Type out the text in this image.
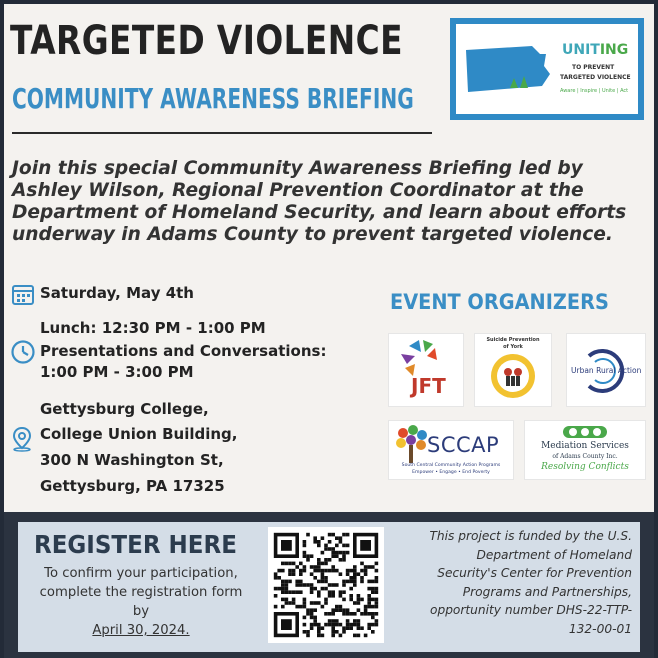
TARGETED VIOLENCE
COMMUNITY AWARENESS BRIEFING
UNITING
TO PREVENT
TARGETED VIOLENCE
Aware | Inspire | Unite | Act
Join this special Community Awareness Briefing led by Ashley Wilson, Regional Prevention Coordinator at the Department of Homeland Security, and learn about efforts underway in Adams County to prevent targeted violence.
Saturday, May 4th
Lunch: 12:30 PM - 1:00 PM
Presentations and Conversations:
1:00 PM - 3:00 PM
Gettysburg College,
College Union Building,
300 N Washington St,
Gettysburg, PA 17325
EVENT ORGANIZERS
JFT
Suicide Prevention
of York
Urban Rural Action
SCCAP
South Central Community Action Programs
Empower • Engage • End Poverty
Mediation Services
of Adams County Inc.
Resolving Conflicts
REGISTER HERE
To confirm your participation, complete the registration form by
April 30, 2024.
This project is funded by the U.S. Department of Homeland Security's Center for Prevention Programs and Partnerships, opportunity number DHS-22-TTP-132-00-01
